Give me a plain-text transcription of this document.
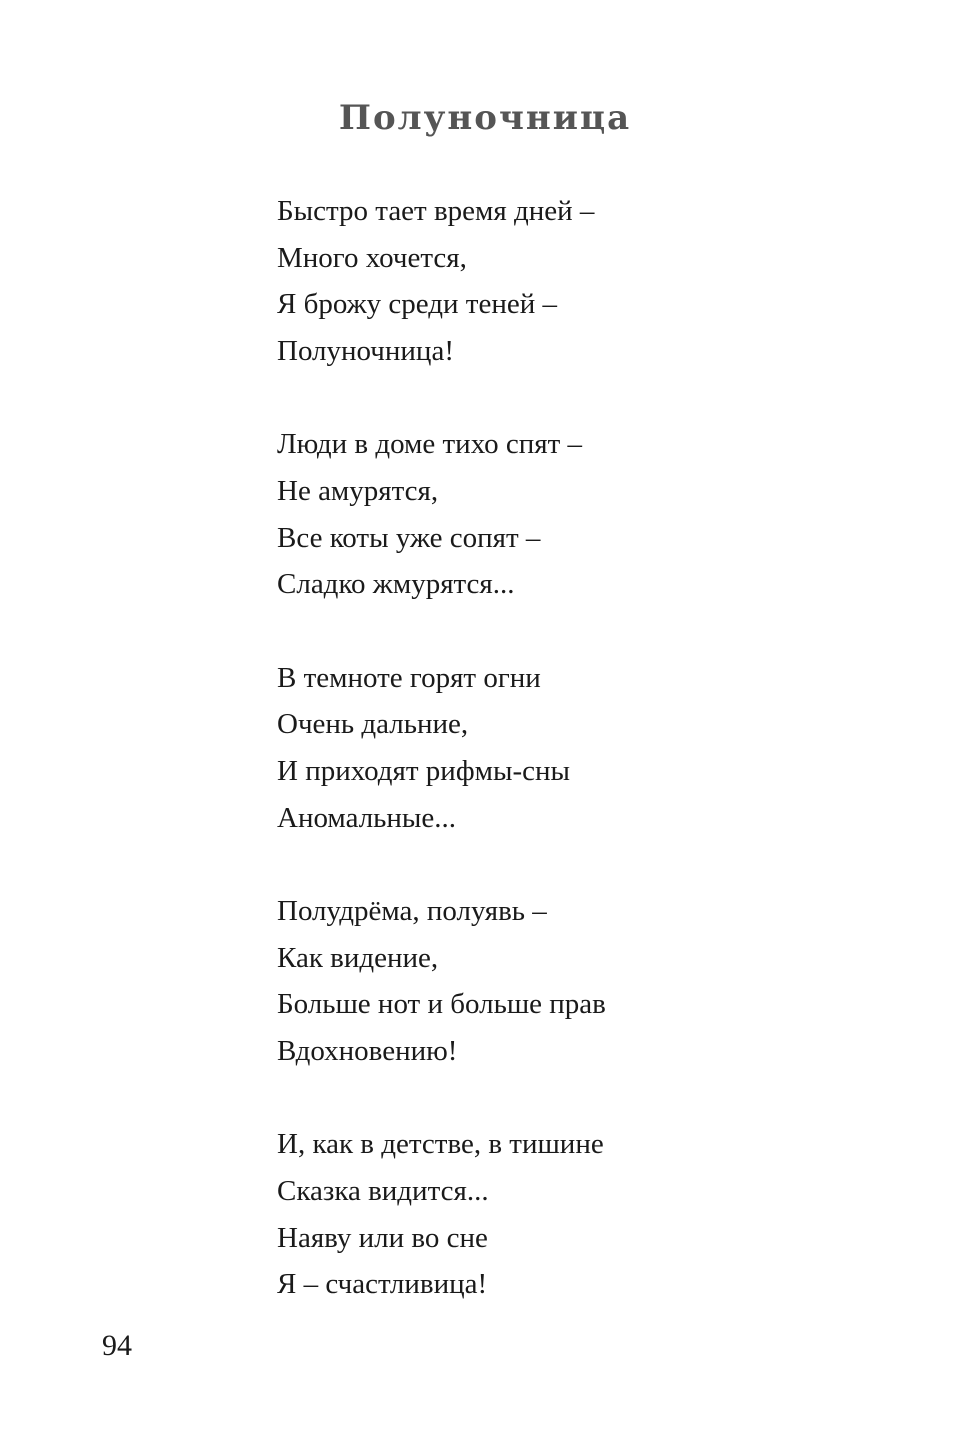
Полуночница
Быстро тает время дней –
Много хочется,
Я брожу среди теней –
Полуночница!
Люди в доме тихо спят –
Не амурятся,
Все коты уже сопят –
Сладко жмурятся...
В темноте горят огни
Очень дальние,
И приходят рифмы-сны
Аномальные...
Полудрёма, полуявь –
Как видение,
Больше нот и больше прав
Вдохновению!
И, как в детстве, в тишине
Сказка видится...
Наяву или во сне
Я – счастливица!
94
